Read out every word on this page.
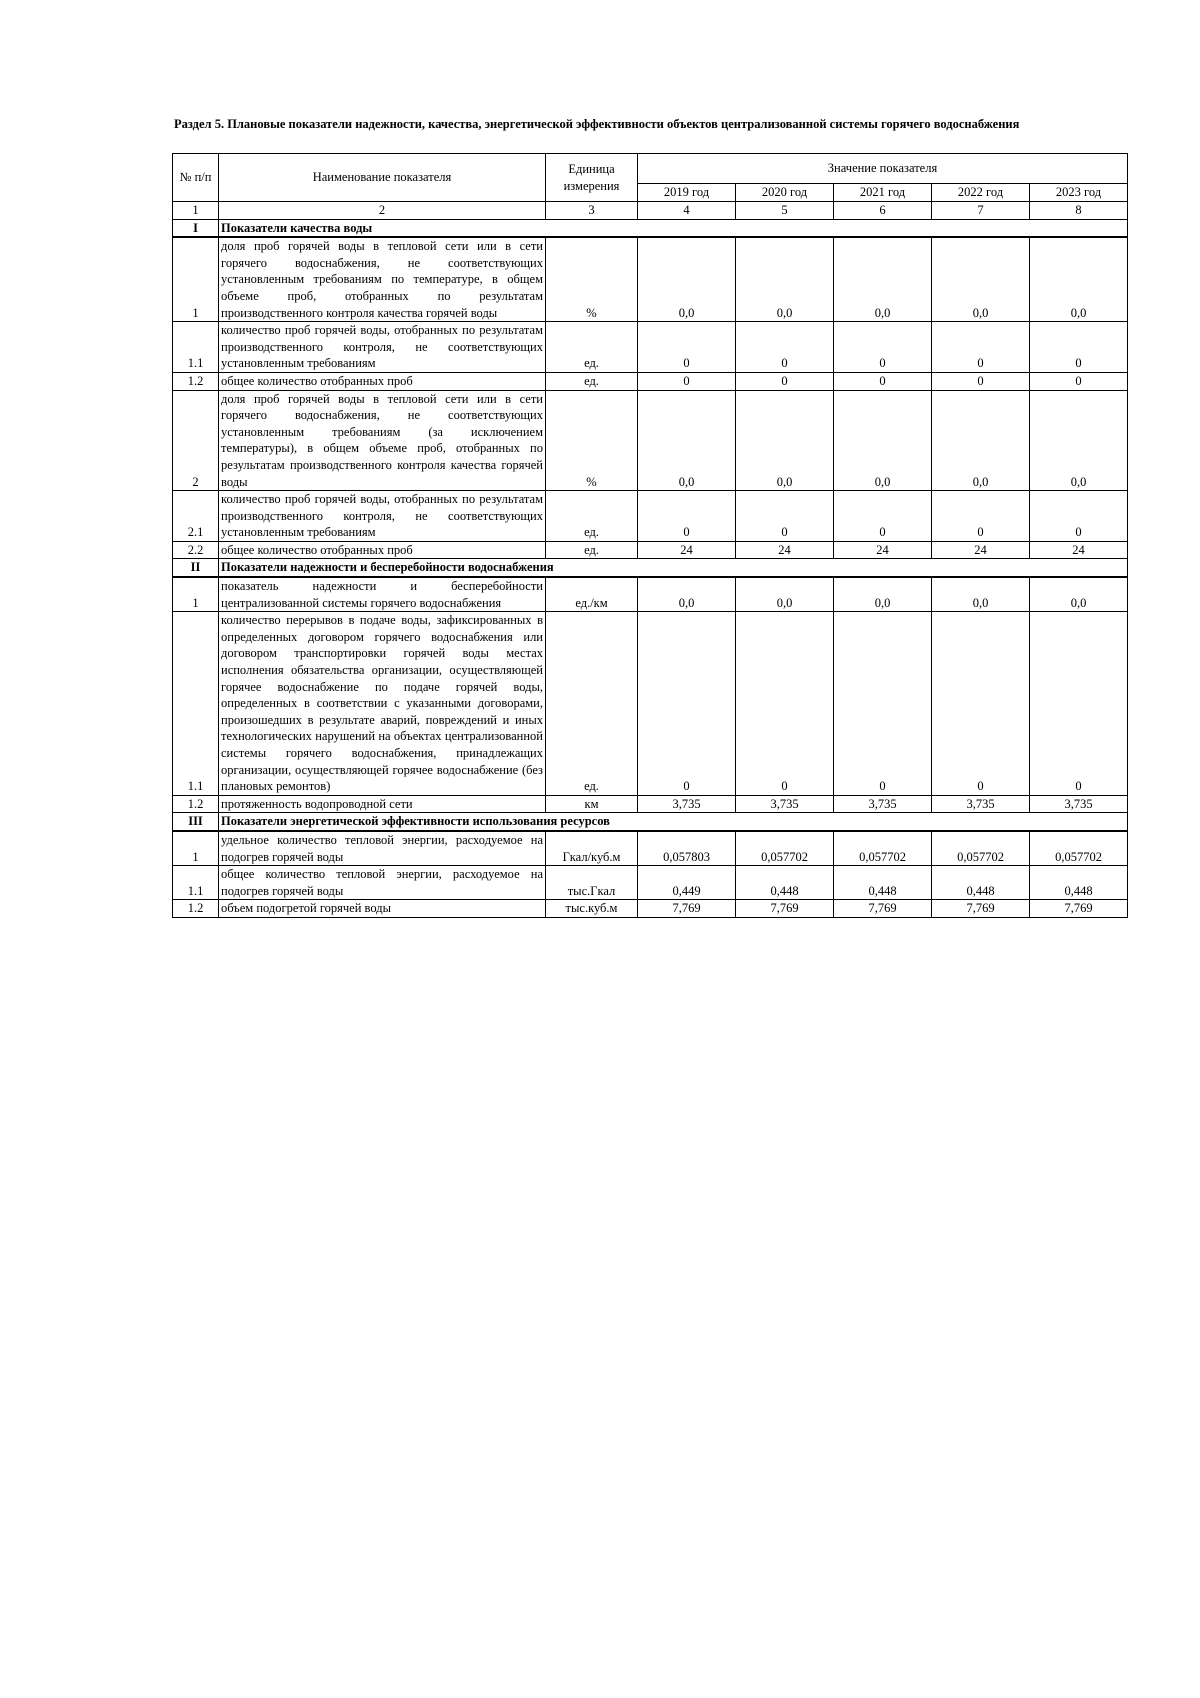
Раздел 5. Плановые показатели надежности, качества, энергетической эффективности объектов централизованной системы горячего водоснабжения
№ п/п	Наименование показателя	Единица измерения	Значение показателя				
			2019 год	2020 год	2021 год	2022 год	2023 год
1	2	3	4	5	6	7	8
I	Показатели качества воды						
1	доля проб горячей воды в тепловой сети или в сети горячего водоснабжения, не соответствующих установленным требованиям по температуре, в общем объеме проб, отобранных по результатам производственного контроля качества горячей воды	%	0,0	0,0	0,0	0,0	0,0
1.1	количество проб горячей воды, отобранных по результатам производственного контроля, не соответствующих установленным требованиям	ед.	0	0	0	0	0
1.2	общее количество отобранных проб	ед.	0	0	0	0	0
2	доля проб горячей воды в тепловой сети или в сети горячего водоснабжения, не соответствующих установленным требованиям (за исключением температуры), в общем объеме проб, отобранных по результатам производственного контроля качества горячей воды	%	0,0	0,0	0,0	0,0	0,0
2.1	количество проб горячей воды, отобранных по результатам производственного контроля, не соответствующих установленным требованиям	ед.	0	0	0	0	0
2.2	общее количество отобранных проб	ед.	24	24	24	24	24
II	Показатели надежности и бесперебойности водоснабжения						
1	показатель надежности и бесперебойности централизованной системы горячего водоснабжения	ед./км	0,0	0,0	0,0	0,0	0,0
1.1	количество перерывов в подаче воды, зафиксированных в определенных договором горячего водоснабжения или договором транспортировки горячей воды местах исполнения обязательства организации, осуществляющей горячее водоснабжение по подаче горячей воды, определенных в соответствии с указанными договорами, произошедших в результате аварий, повреждений и иных технологических нарушений на объектах централизованной системы горячего водоснабжения, принадлежащих организации, осуществляющей горячее водоснабжение (без плановых ремонтов)	ед.	0	0	0	0	0
1.2	протяженность водопроводной сети	км	3,735	3,735	3,735	3,735	3,735
III	Показатели энергетической эффективности использования ресурсов						
1	удельное количество тепловой энергии, расходуемое на подогрев горячей воды	Гкал/куб.м	0,057803	0,057702	0,057702	0,057702	0,057702
1.1	общее количество тепловой энергии, расходуемое на подогрев горячей воды	тыс.Гкал	0,449	0,448	0,448	0,448	0,448
1.2	объем подогретой горячей воды	тыс.куб.м	7,769	7,769	7,769	7,769	7,769
